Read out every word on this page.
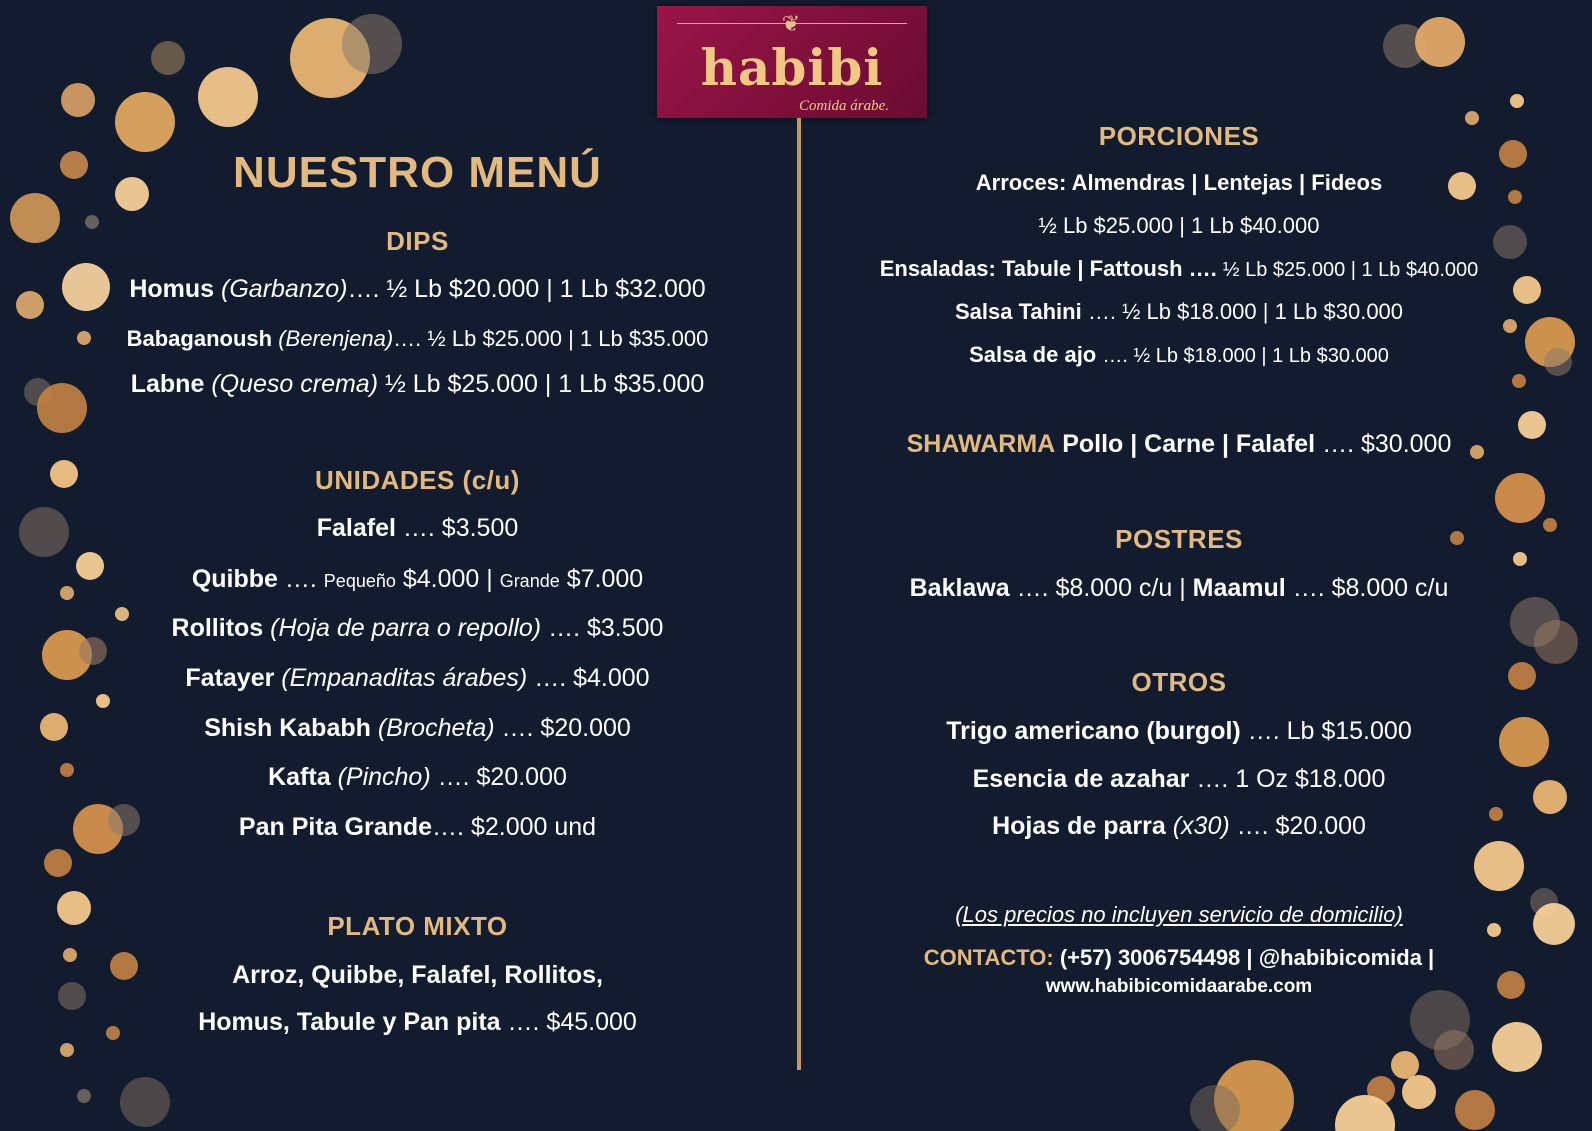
❦
habibi
Comida árabe.
NUESTRO MENÚ
DIPS
Homus (Garbanzo)…. ½ Lb $20.000 | 1 Lb $32.000
Babaganoush (Berenjena)…. ½ Lb $25.000 | 1 Lb $35.000
Labne (Queso crema) ½ Lb $25.000 | 1 Lb $35.000
UNIDADES (c/u)
Falafel …. $3.500
Quibbe …. Pequeño $4.000 | Grande $7.000
Rollitos (Hoja de parra o repollo) …. $3.500
Fatayer (Empanaditas árabes) …. $4.000
Shish Kababh (Brocheta) …. $20.000
Kafta (Pincho) …. $20.000
Pan Pita Grande…. $2.000 und
PLATO MIXTO
Arroz, Quibbe, Falafel, Rollitos,
Homus, Tabule y Pan pita …. $45.000
PORCIONES
Arroces: Almendras | Lentejas | Fideos
½ Lb $25.000 | 1 Lb $40.000
Ensaladas: Tabule | Fattoush …. ½ Lb $25.000 | 1 Lb $40.000
Salsa Tahini …. ½ Lb $18.000 | 1 Lb $30.000
Salsa de ajo …. ½ Lb $18.000 | 1 Lb $30.000
SHAWARMA Pollo | Carne | Falafel …. $30.000
POSTRES
Baklawa …. $8.000 c/u | Maamul …. $8.000 c/u
OTROS
Trigo americano (burgol) …. Lb $15.000
Esencia de azahar …. 1 Oz $18.000
Hojas de parra (x30) …. $20.000
(Los precios no incluyen servicio de domicilio)
CONTACTO: (+57) 3006754498 | @habibicomida |
www.habibicomidaarabe.com
